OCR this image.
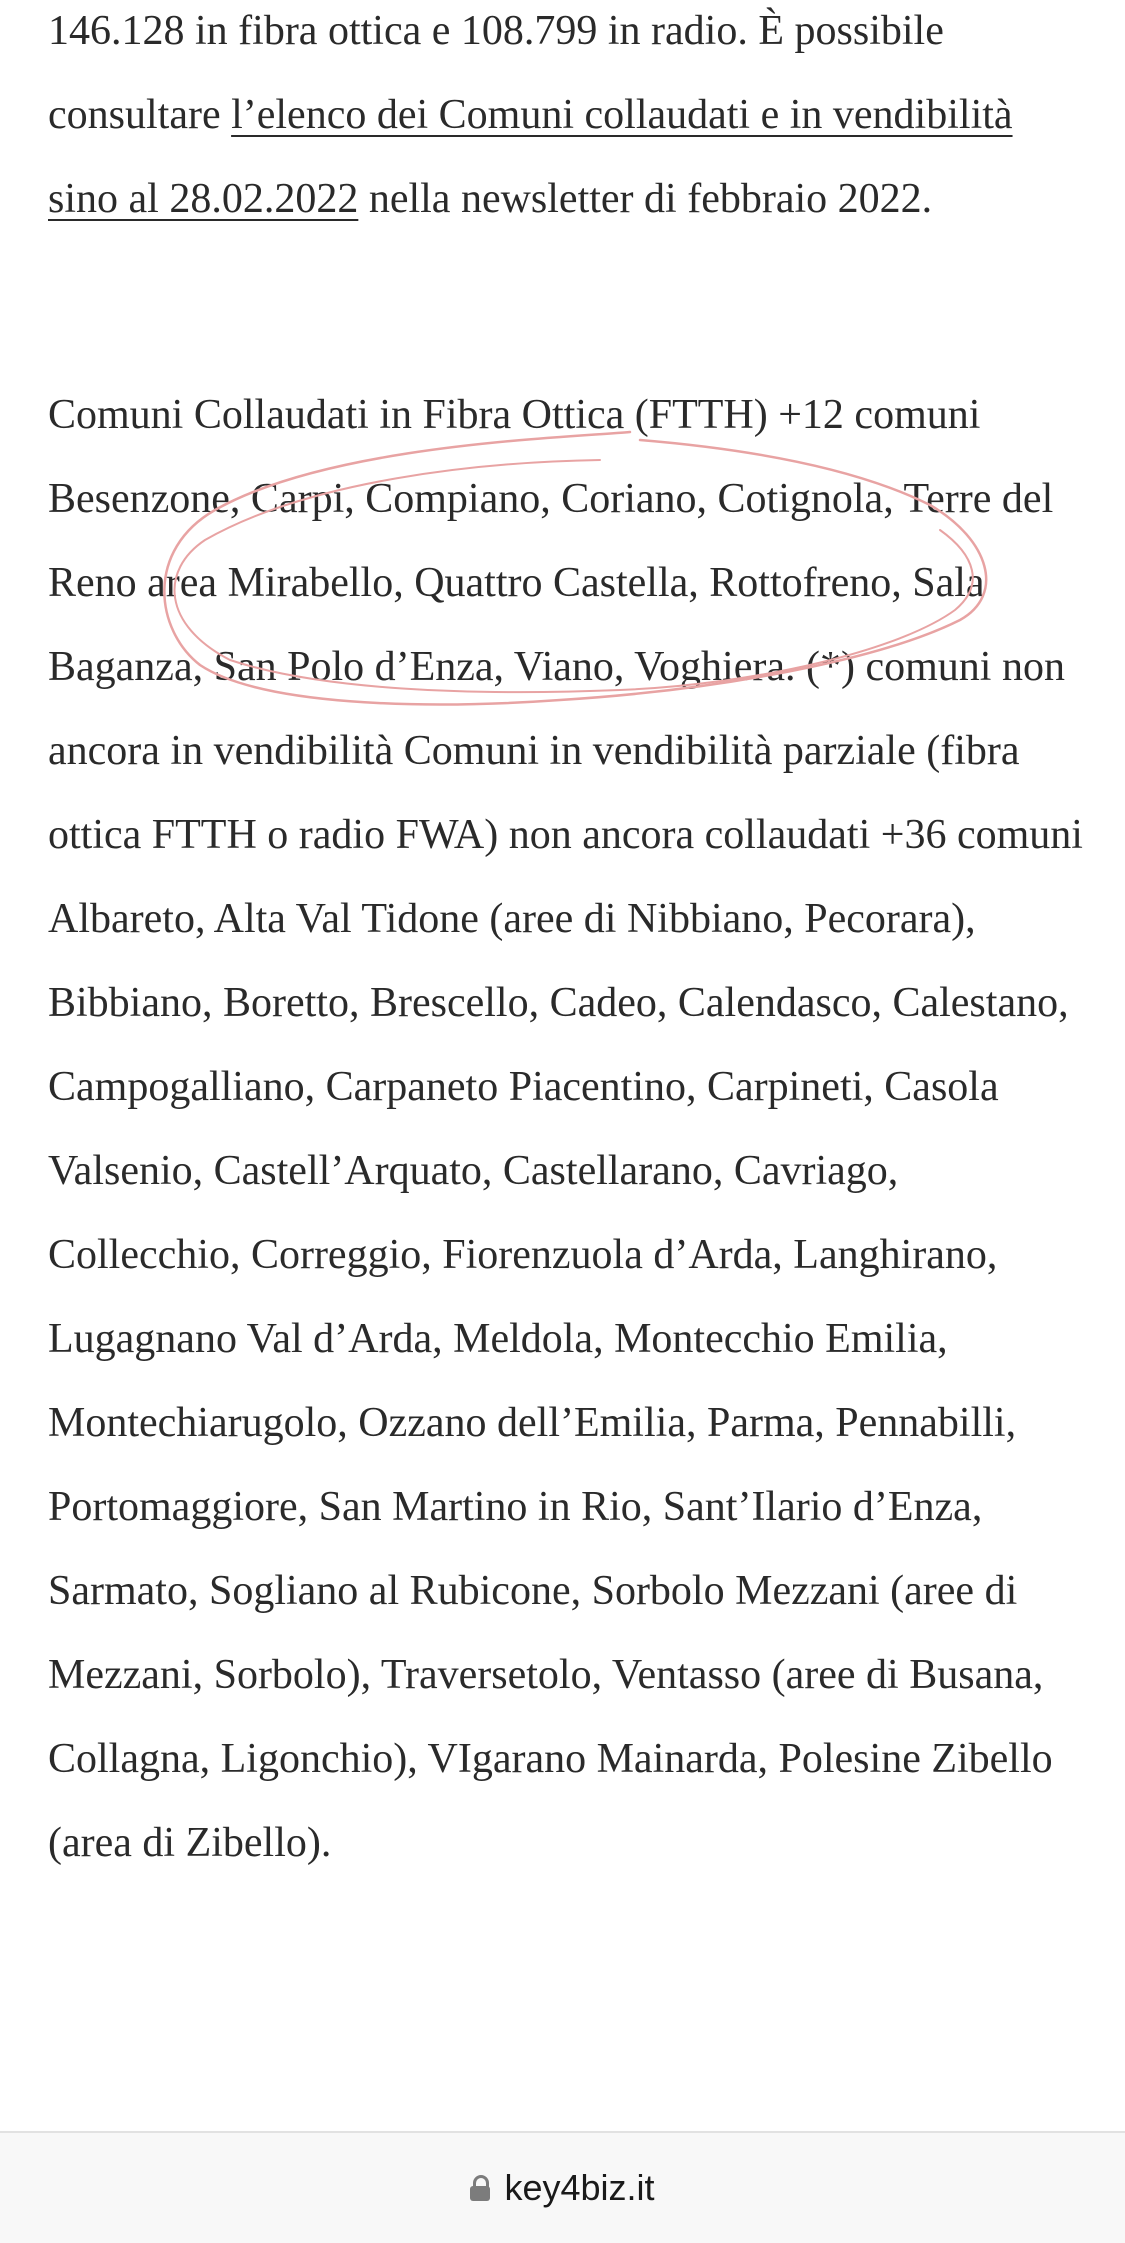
146.128 in fibra ottica e 108.799 in radio. È possibile consultare l’elenco dei Comuni collaudati e in vendibilità sino al 28.02.2022 nella newsletter di febbraio 2022.

Comuni Collaudati in Fibra Ottica (FTTH) +12 comuni Besenzone, Carpi, Compiano, Coriano, Cotignola, Terre del Reno area Mirabello, Quattro Castella, Rottofreno, Sala Baganza, San Polo d’Enza, Viano, Voghiera. (*) comuni non ancora in vendibilità Comuni in vendibilità parziale (fibra ottica FTTH o radio FWA) non ancora collaudati +36 comuni Albareto, Alta Val Tidone (aree di Nibbiano, Pecorara), Bibbiano, Boretto, Brescello, Cadeo, Calendasco, Calestano, Campogalliano, Carpaneto Piacentino, Carpineti, Casola Valsenio, Castell’Arquato, Castellarano, Cavriago, Collecchio, Correggio, Fiorenzuola d’Arda, Langhirano, Lugagnano Val d’Arda, Meldola, Montecchio Emilia, Montechiarugolo, Ozzano dell’Emilia, Parma, Pennabilli, Portomaggiore, San Martino in Rio, Sant’Ilario d’Enza, Sarmato, Sogliano al Rubicone, Sorbolo Mezzani (aree di Mezzani, Sorbolo), Traversetolo, Ventasso (aree di Busana, Collagna, Ligonchio), VIgarano Mainarda, Polesine Zibello (area di Zibello).

key4biz.it
